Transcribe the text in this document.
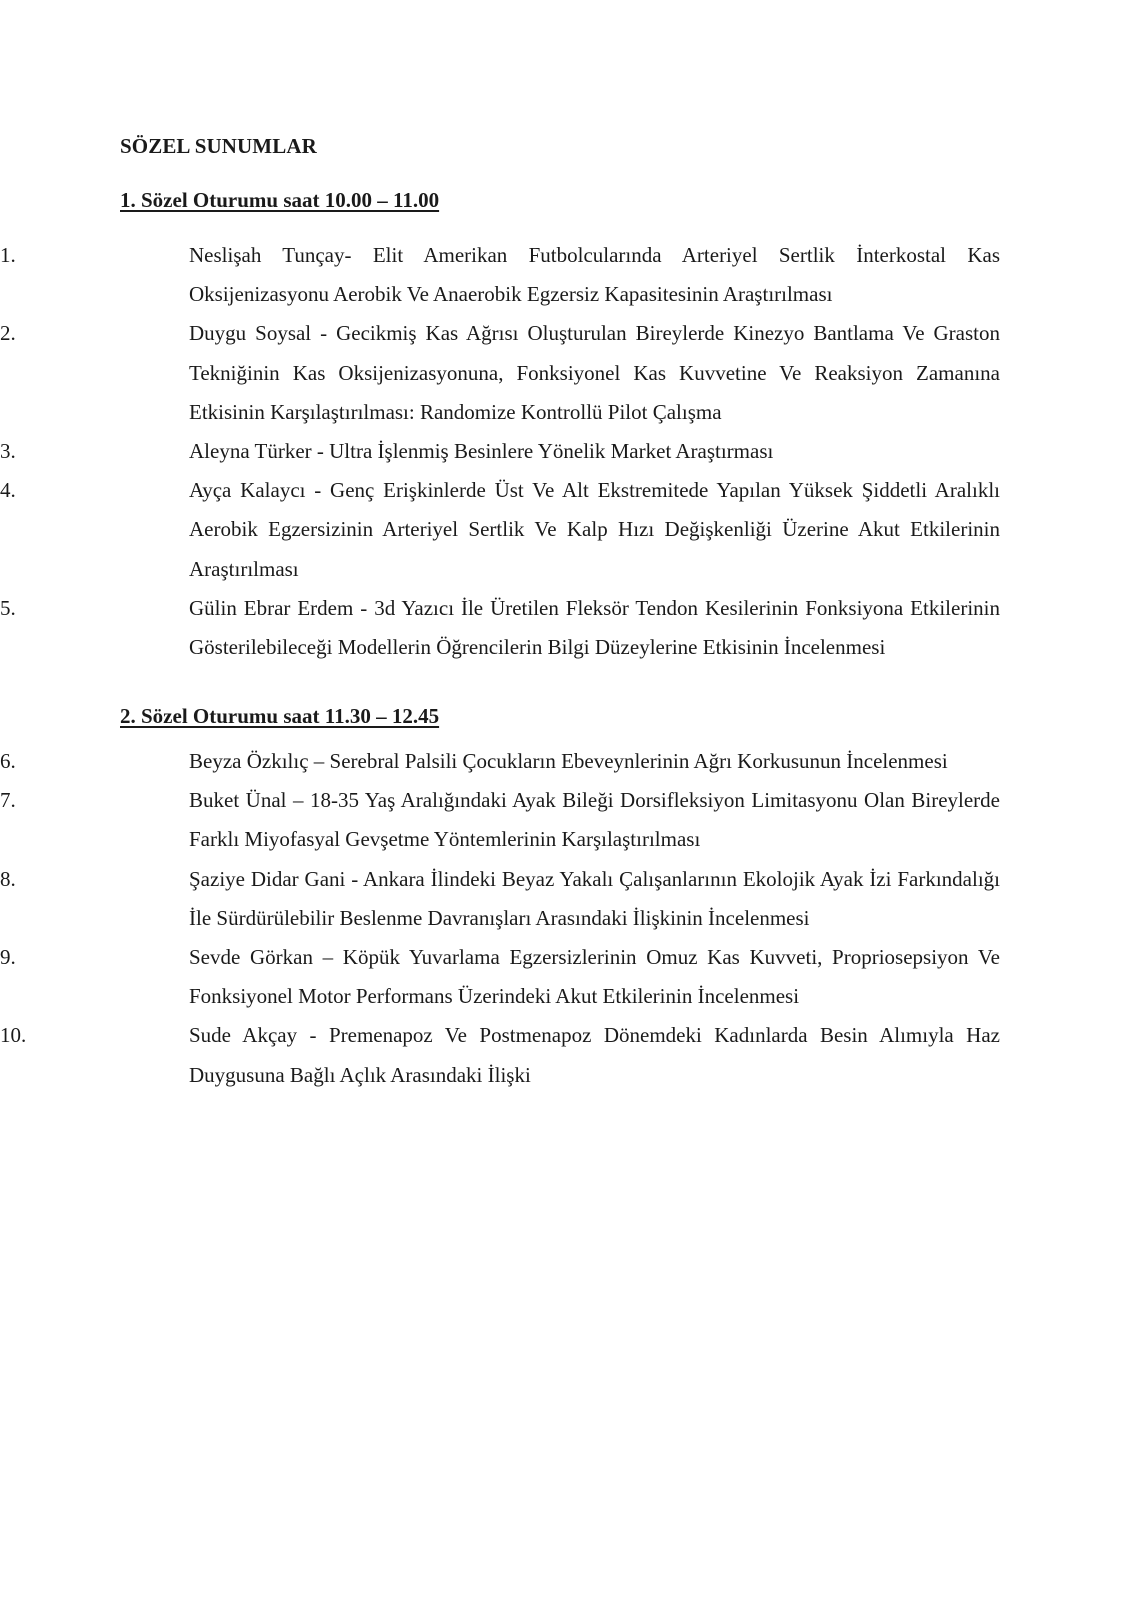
SÖZEL SUNUMLAR
1. Sözel Oturumu saat 10.00 – 11.00
1.	Neslişah Tunçay- Elit Amerikan Futbolcularında Arteriyel Sertlik İnterkostal Kas Oksijenizasyonu Aerobik Ve Anaerobik Egzersiz Kapasitesinin Araştırılması
2.	Duygu Soysal - Gecikmiş Kas Ağrısı Oluşturulan Bireylerde Kinezyo Bantlama Ve Graston Tekniğinin Kas Oksijenizasyonuna, Fonksiyonel Kas Kuvvetine Ve Reaksiyon Zamanına Etkisinin Karşılaştırılması: Randomize Kontrollü Pilot Çalışma
3.	Aleyna Türker - Ultra İşlenmiş Besinlere Yönelik Market Araştırması
4.	Ayça Kalaycı - Genç Erişkinlerde Üst Ve Alt Ekstremitede Yapılan Yüksek Şiddetli Aralıklı Aerobik Egzersizinin Arteriyel Sertlik Ve Kalp Hızı Değişkenliği Üzerine Akut Etkilerinin Araştırılması
5.	Gülin Ebrar Erdem - 3d Yazıcı İle Üretilen Fleksör Tendon Kesilerinin Fonksiyona Etkilerinin Gösterilebileceği Modellerin Öğrencilerin Bilgi Düzeylerine Etkisinin İncelenmesi
2. Sözel Oturumu saat 11.30 – 12.45
6.	Beyza Özkılıç – Serebral Palsili Çocukların Ebeveynlerinin Ağrı Korkusunun İncelenmesi
7.	Buket Ünal – 18-35 Yaş Aralığındaki Ayak Bileği Dorsifleksiyon Limitasyonu Olan Bireylerde Farklı Miyofasyal Gevşetme Yöntemlerinin Karşılaştırılması
8.	Şaziye Didar Gani - Ankara İlindeki Beyaz Yakalı Çalışanlarının Ekolojik Ayak İzi Farkındalığı İle Sürdürülebilir Beslenme Davranışları Arasındaki İlişkinin İncelenmesi
9.	Sevde Görkan – Köpük Yuvarlama Egzersizlerinin Omuz Kas Kuvveti, Propriosepsiyon Ve Fonksiyonel Motor Performans Üzerindeki Akut Etkilerinin İncelenmesi
10.	Sude Akçay - Premenapoz Ve Postmenapoz Dönemdeki Kadınlarda Besin Alımıyla Haz Duygusuna Bağlı Açlık Arasındaki İlişki
